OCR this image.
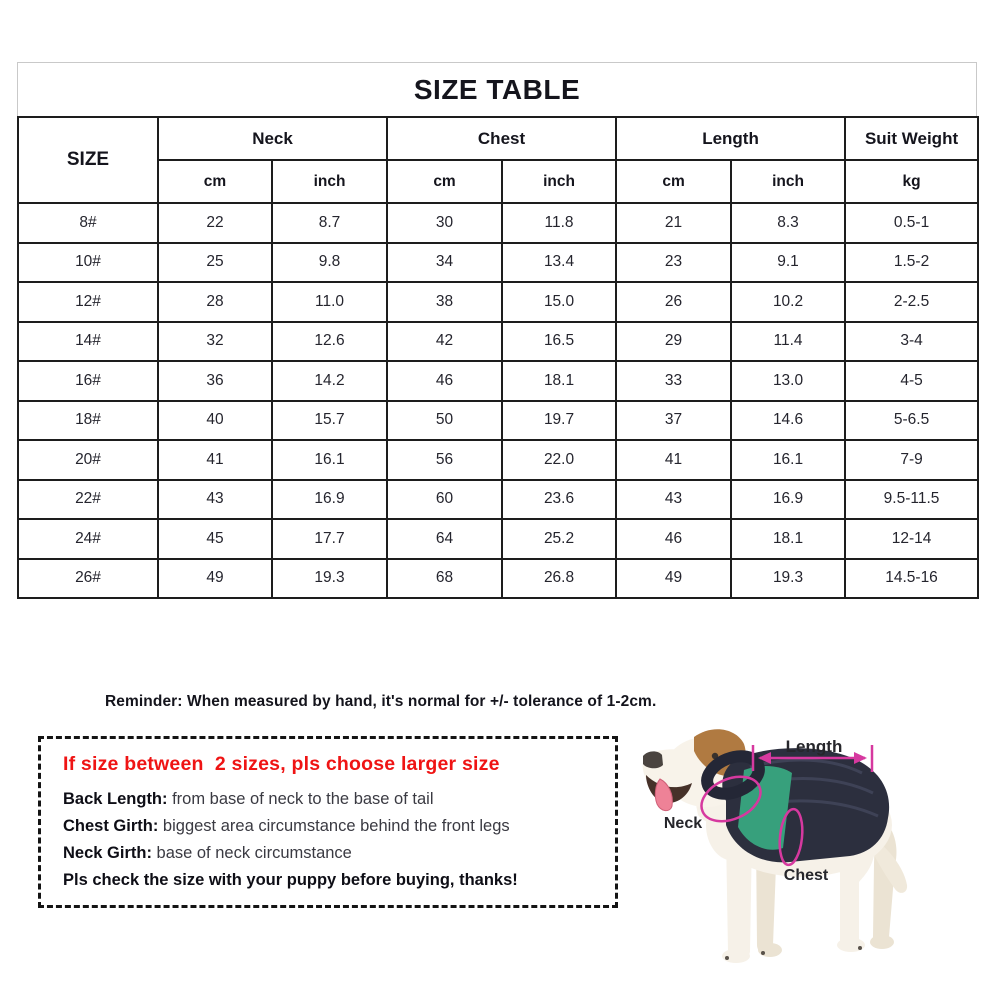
SIZE TABLE
SIZE	Neck		Chest		Length		Suit Weight
	cm	inch	cm	inch	cm	inch	kg
8#	22	8.7	30	11.8	21	8.3	0.5-1
10#	25	9.8	34	13.4	23	9.1	1.5-2
12#	28	11.0	38	15.0	26	10.2	2-2.5
14#	32	12.6	42	16.5	29	11.4	3-4
16#	36	14.2	46	18.1	33	13.0	4-5
18#	40	15.7	50	19.7	37	14.6	5-6.5
20#	41	16.1	56	22.0	41	16.1	7-9
22#	43	16.9	60	23.6	43	16.9	9.5-11.5
24#	45	17.7	64	25.2	46	18.1	12-14
26#	49	19.3	68	26.8	49	19.3	14.5-16
Reminder: When measured by hand, it's normal for +/- tolerance of 1-2cm.
If size between  2 sizes, pls choose larger size
Back Length: from base of neck to the base of tail
Chest Girth: biggest area circumstance behind the front legs
Neck Girth: base of neck circumstance
Pls check the size with your puppy before buying, thanks!
Length
Neck
Chest
